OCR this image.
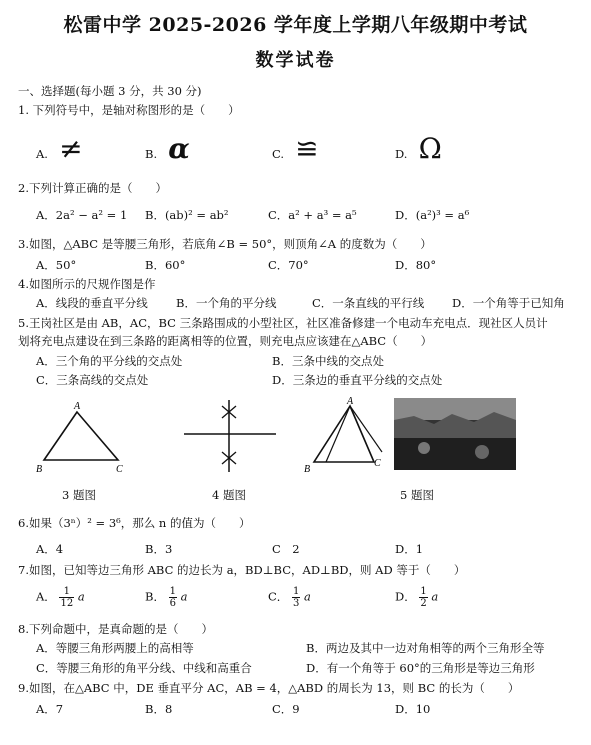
松雷中学 2025-2026 学年度上学期八年级期中考试
数学试卷
一、选择题(每小题 3 分，共 30 分)
1. 下列符号中，是轴对称图形的是（　　）
A. ≠	B. α	C. ≌	D. Ω
2.下列计算正确的是（　　）
A．2a² − a² = 1 B．(ab)² = ab²	C．a² + a³ = a⁵	D．(a²)³ = a⁶
3.如图，△ABC 是等腰三角形，若底角∠B = 50°，则顶角∠A 的度数为（　　）
A．50°	B．60°	C．70°	D．80°
4.如图所示的尺规作图是作
A．线段的垂直平分线 B．一个角的平分线	C．一条直线的平行线 D．一个角等于已知角
5.王岗社区是由 AB，AC，BC 三条路围成的小型社区，社区准备修建一个电动车充电点．现社区人员计
划将充电点建设在到三条路的距离相等的位置，则充电点应该建在△ABC（　　）
A．三个角的平分线的交点处	B．三条中线的交点处
C．三条高线的交点处	D．三条边的垂直平分线的交点处
A
B	C
A
B
C
3 题图	4 题图	5 题图
6.如果（3ⁿ）² = 3⁶，那么 n 的值为（　　）
A．4	B．3	C　2	D．1
7.如图，已知等边三角形 ABC 的边长为 a，BD⊥BC，AD⊥BD，则 AD 等于（　　）
A． $\frac{1}{12}$ a	B． $\frac{1}{6}$ a	C． $\frac{1}{3}$ a	D． $\frac{1}{2}$ a
8.下列命题中，是真命题的是（　　）
A．等腰三角形两腰上的高相等	B．两边及其中一边对角相等的两个三角形全等
C．等腰三角形的角平分线、中线和高重合	D．有一个角等于 60°的三角形是等边三角形
9.如图，在△ABC 中，DE 垂直平分 AC，AB = 4，△ABD 的周长为 13，则 BC 的长为（　　）
A．7	B．8	C．9	D．10
